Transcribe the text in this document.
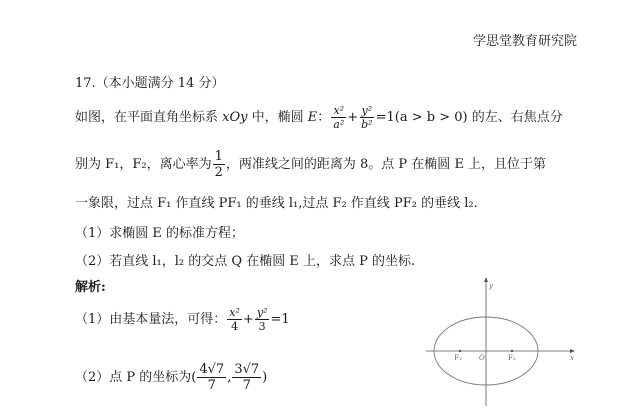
学思堂教育研究院
17.（本小题满分 14 分）
如图，在平面直角坐标系 xOy 中，椭圆 E： $\frac{\text{x²}}{\text{a²}} + \frac{\text{y²}}{\text{b²}} =1(a > b > 0)$ 的左、右焦点分
别为 F₁，F₂，离心率为 $\frac{1}{2}$ ，两准线之间的距离为 8。点 P 在椭圆 E 上，且位于第
一象限，过点 F₁ 作直线 PF₁ 的垂线 l₁,过点 F₂ 作直线 PF₂ 的垂线 l₂.
（1）求椭圆 E 的标准方程；
（2）若直线 l₁，l₂ 的交点 Q 在椭圆 E 上，求点 P 的坐标.
解析:
（1）由基本量法，可得： $\frac{\text{x²}}{4} + \frac{\text{y²}}{3} =1$
（2）点 P 的坐标为( $\frac{4√7}{7}$ , $\frac{3√7}{7}$ )
y
x
O
F₁	F₂
